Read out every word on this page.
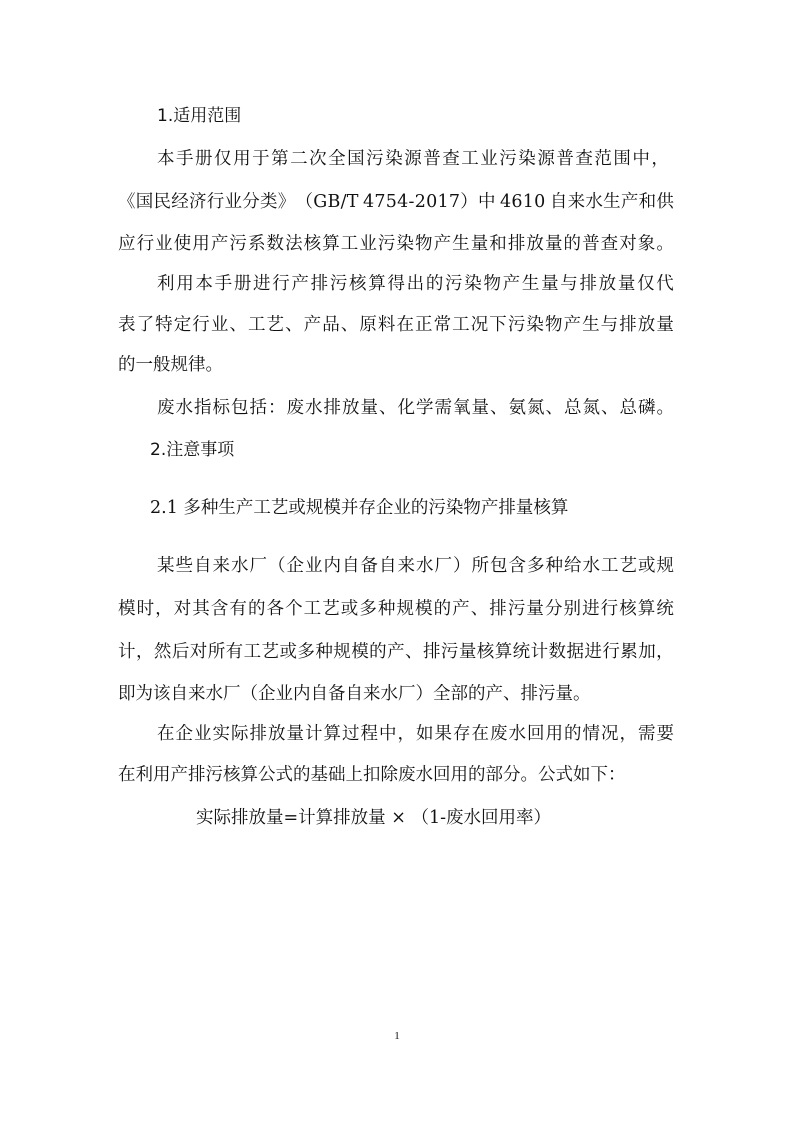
1.适用范围
本 手 册 仅 用 于 第 二 次 全 国 污 染 源 普 查 工 业 污 染 源 普 查 范 围 中 ，
《 国 民 经 济 行 业 分 类 》 （ G B / T 4 7 5 4 - 2 0 1 7 ） 中 4 6 1 0 自 来 水 生 产 和 供
应 行 业 使 用 产 污 系 数 法 核 算 工 业 污 染 物 产 生 量 和 排 放 量 的 普 查 对 象 。
利 用 本 手 册 进 行 产 排 污 核 算 得 出 的 污 染 物 产 生 量 与 排 放 量 仅 代
表 了 特 定 行 业 、 工 艺 、 产 品 、 原 料 在 正 常 工 况 下 污 染 物 产 生 与 排 放 量
的一般规律。
废 水 指 标 包 括 ： 废 水 排 放 量 、 化 学 需 氧 量 、 氨 氮 、 总 氮 、 总 磷 。
2.注意事项
2.1 多种生产工艺或规模并存企业的污染物产排量核算
某 些 自 来 水 厂 （ 企 业 内 自 备 自 来 水 厂 ） 所 包 含 多 种 给 水 工 艺 或 规
模 时 ， 对 其 含 有 的 各 个 工 艺 或 多 种 规 模 的 产 、 排 污 量 分 别 进 行 核 算 统
计 ， 然 后 对 所 有 工 艺 或 多 种 规 模 的 产 、 排 污 量 核 算 统 计 数 据 进 行 累 加 ，
即为该自来水厂（企业内自备自来水厂）全部的产、排污量。
在 企 业 实 际 排 放 量 计 算 过 程 中 ， 如 果 存 在 废 水 回 用 的 情 况 ， 需 要
在利用产排污核算公式的基础上扣除废水回用的部分。公式如下：
实际排放量=计算排放量 × （1-废水回用率）
1
